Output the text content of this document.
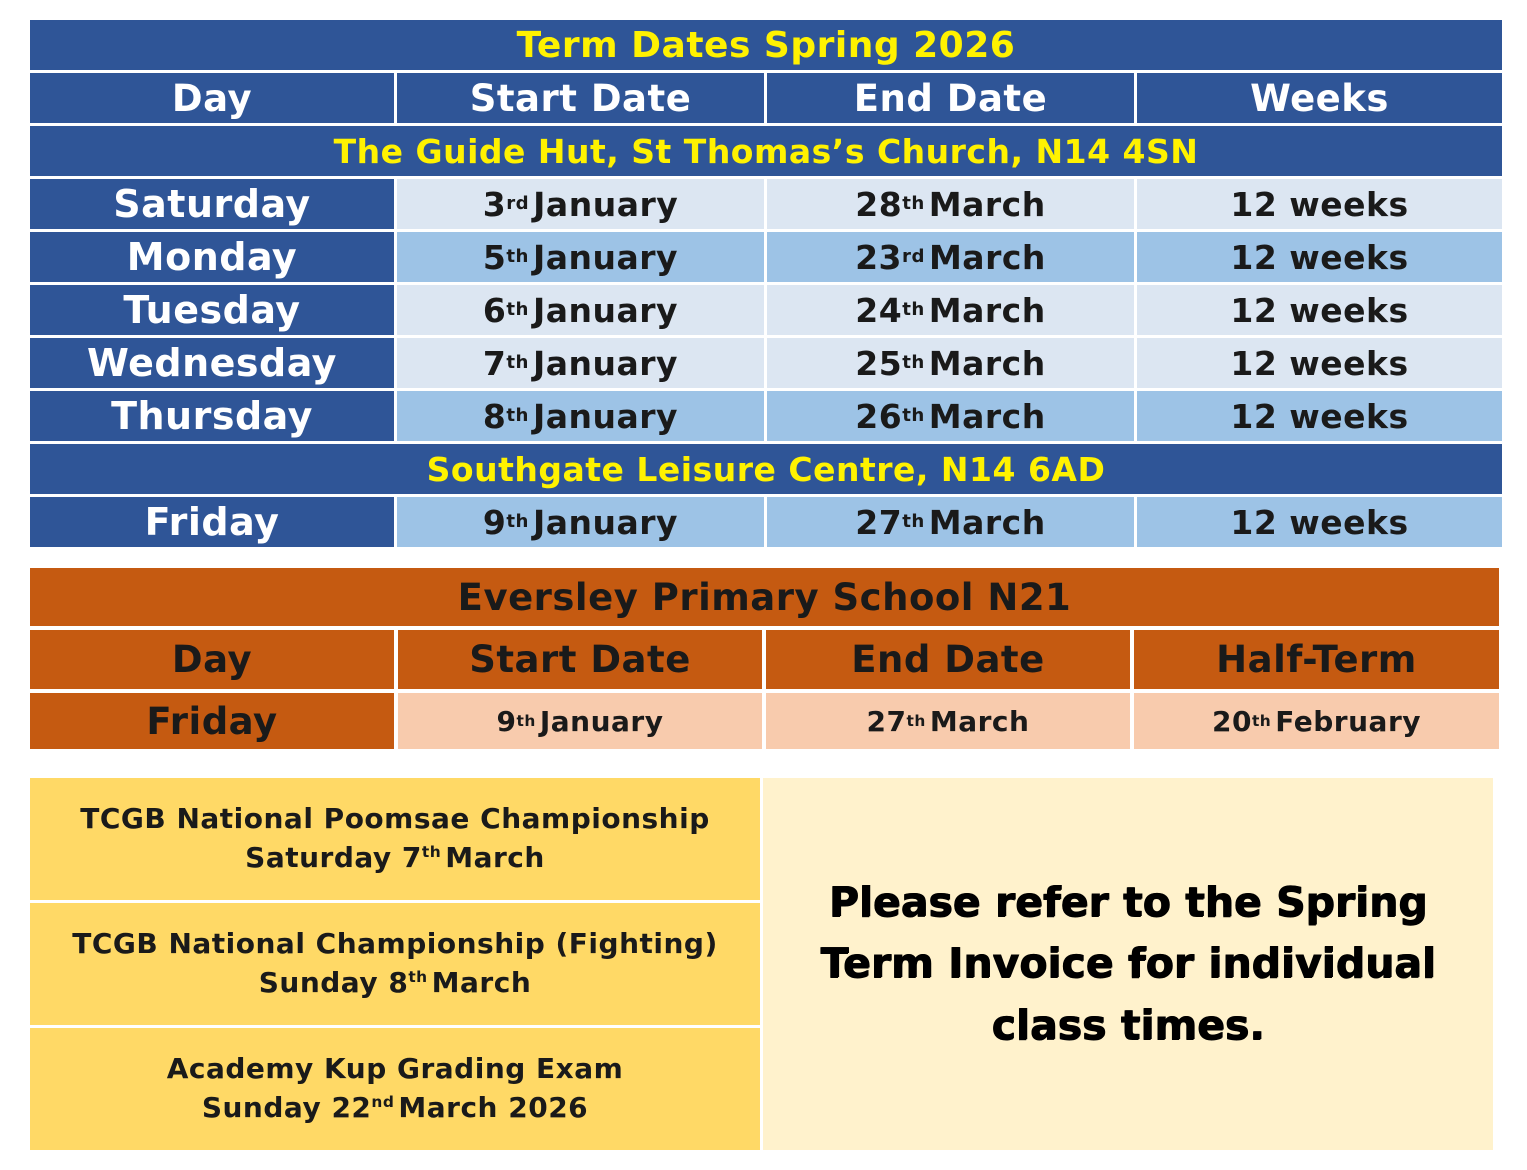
Term Dates Spring 2026
Day	Start Date	End Date	Weeks
The Guide Hut, St Thomas’s Church, N14 4SN
Saturday	3 rd January	28 th March	12 weeks
Monday	5 th January	23 rd March	12 weeks
Tuesday	6 th January	24 th March	12 weeks
Wednesday	7 th January	25 th March	12 weeks
Thursday	8 th January	26 th March	12 weeks
Southgate Leisure Centre, N14 6AD
Friday	9 th January	27 th March	12 weeks
Eversley Primary School N21
Day	Start Date	End Date	Half-Term
Friday	9 th January	27 th March	20 th February
TCGB National Poomsae Championship
Saturday 7th March
TCGB National Championship (Fighting)
Sunday 8th March
Academy Kup Grading Exam
Sunday 22nd March 2026
Please refer to the Spring Term Invoice for individual class times.
